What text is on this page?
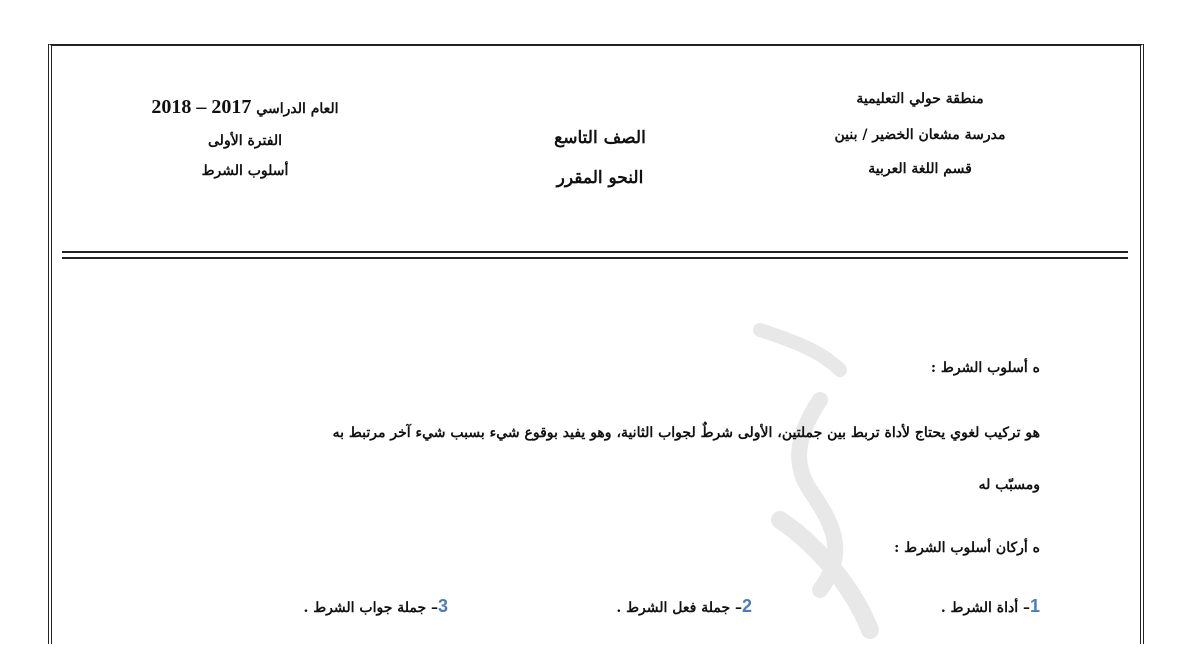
منطقة حولي التعليمية
مدرسة مشعان الخضير / بنين
قسم اللغة العربية
الصف التاسع
النحو المقرر
العام الدراسي 2017 – 2018
الفترة الأولى
أسلوب الشرط
ه أسلوب الشرط :
هو تركيب لغوي يحتاج لأداة تربط بين جملتين، الأولى شرطٌ لجواب الثانية، وهو يفيد بوقوع شيء بسبب شيء آخر مرتبط به
ومسبّب له
ه أركان أسلوب الشرط :
1– أداة الشرط .
2– جملة فعل الشرط .
3– جملة جواب الشرط .
